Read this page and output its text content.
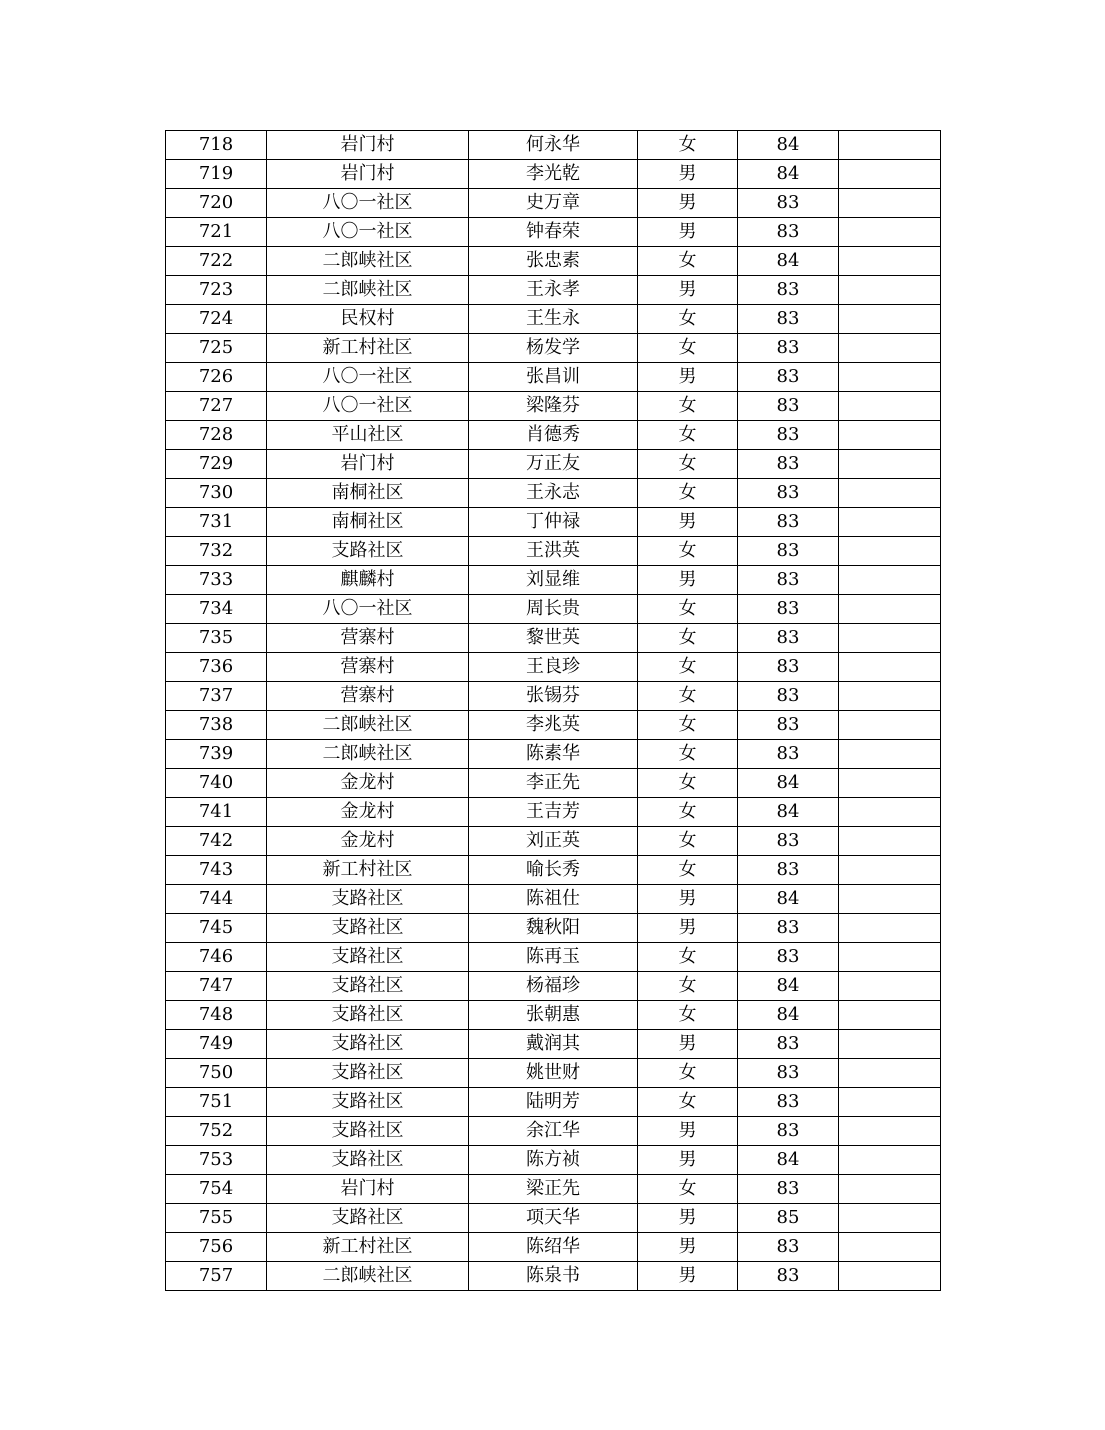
718	岩门村	何永华	女	84	
719	岩门村	李光乾	男	84	
720	八〇一社区	史万章	男	83	
721	八〇一社区	钟春荣	男	83	
722	二郎峡社区	张忠素	女	84	
723	二郎峡社区	王永孝	男	83	
724	民权村	王生永	女	83	
725	新工村社区	杨发学	女	83	
726	八〇一社区	张昌训	男	83	
727	八〇一社区	梁隆芬	女	83	
728	平山社区	肖德秀	女	83	
729	岩门村	万正友	女	83	
730	南桐社区	王永志	女	83	
731	南桐社区	丁仲禄	男	83	
732	支路社区	王洪英	女	83	
733	麒麟村	刘显维	男	83	
734	八〇一社区	周长贵	女	83	
735	营寨村	黎世英	女	83	
736	营寨村	王良珍	女	83	
737	营寨村	张锡芬	女	83	
738	二郎峡社区	李兆英	女	83	
739	二郎峡社区	陈素华	女	83	
740	金龙村	李正先	女	84	
741	金龙村	王吉芳	女	84	
742	金龙村	刘正英	女	83	
743	新工村社区	喻长秀	女	83	
744	支路社区	陈祖仕	男	84	
745	支路社区	魏秋阳	男	83	
746	支路社区	陈再玉	女	83	
747	支路社区	杨福珍	女	84	
748	支路社区	张朝惠	女	84	
749	支路社区	戴润其	男	83	
750	支路社区	姚世财	女	83	
751	支路社区	陆明芳	女	83	
752	支路社区	余江华	男	83	
753	支路社区	陈方祯	男	84	
754	岩门村	梁正先	女	83	
755	支路社区	项天华	男	85	
756	新工村社区	陈绍华	男	83	
757	二郎峡社区	陈泉书	男	83	
